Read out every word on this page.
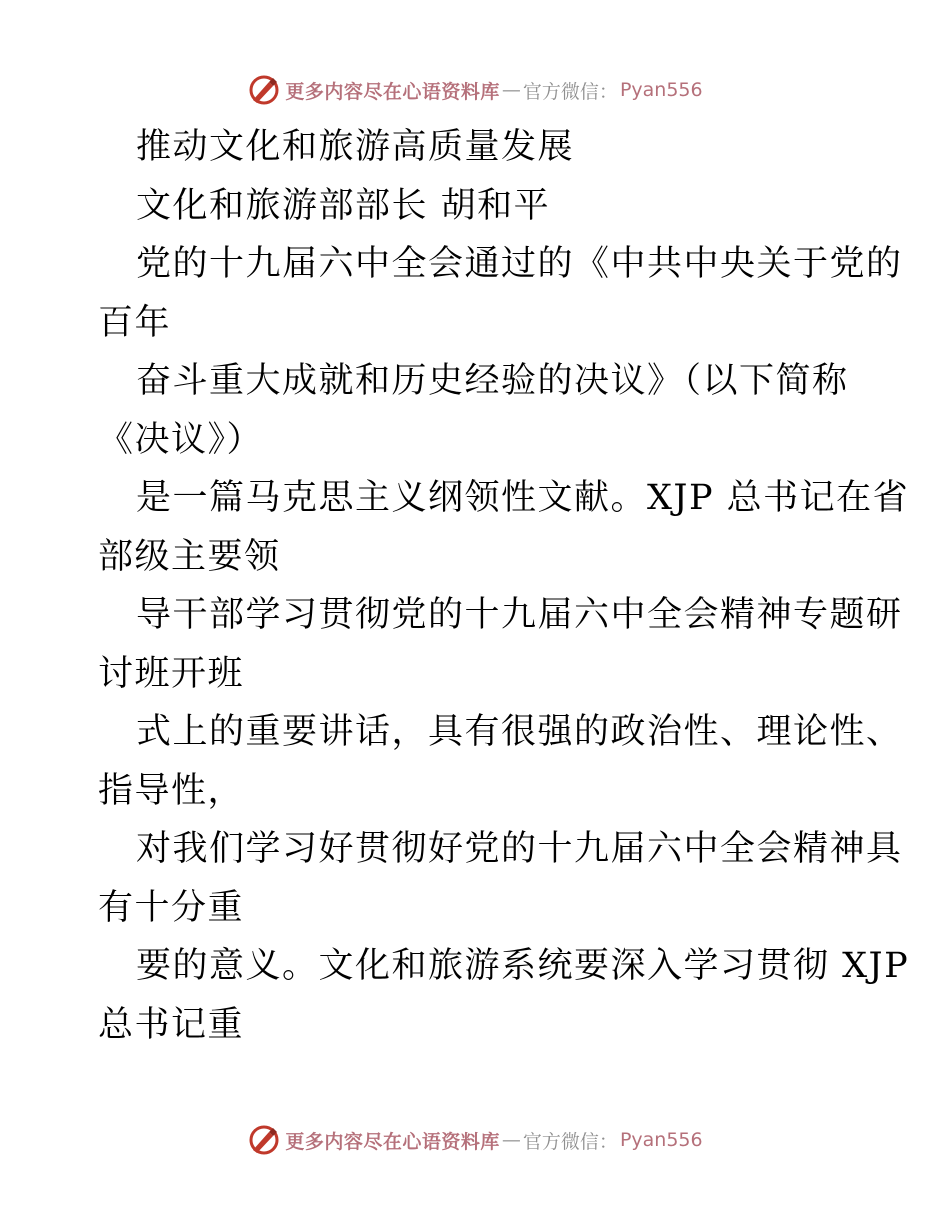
更多内容尽在心语资料库 — 官方微信： Pyan556
推动文化和旅游高质量发展
文化和旅游部部长 胡和平
党的十九届六中全会通过的《中共中央关于党的
百年
奋斗重大成就和历史经验的决议》（以下简称
《决议》）
是一篇马克思主义纲领性文献。XJP 总书记在省
部级主要领
导干部学习贯彻党的十九届六中全会精神专题研
讨班开班
式上的重要讲话，具有很强的政治性、理论性、
指导性，
对我们学习好贯彻好党的十九届六中全会精神具
有十分重
要的意义。文化和旅游系统要深入学习贯彻 XJP
总书记重
更多内容尽在心语资料库 — 官方微信： Pyan556
